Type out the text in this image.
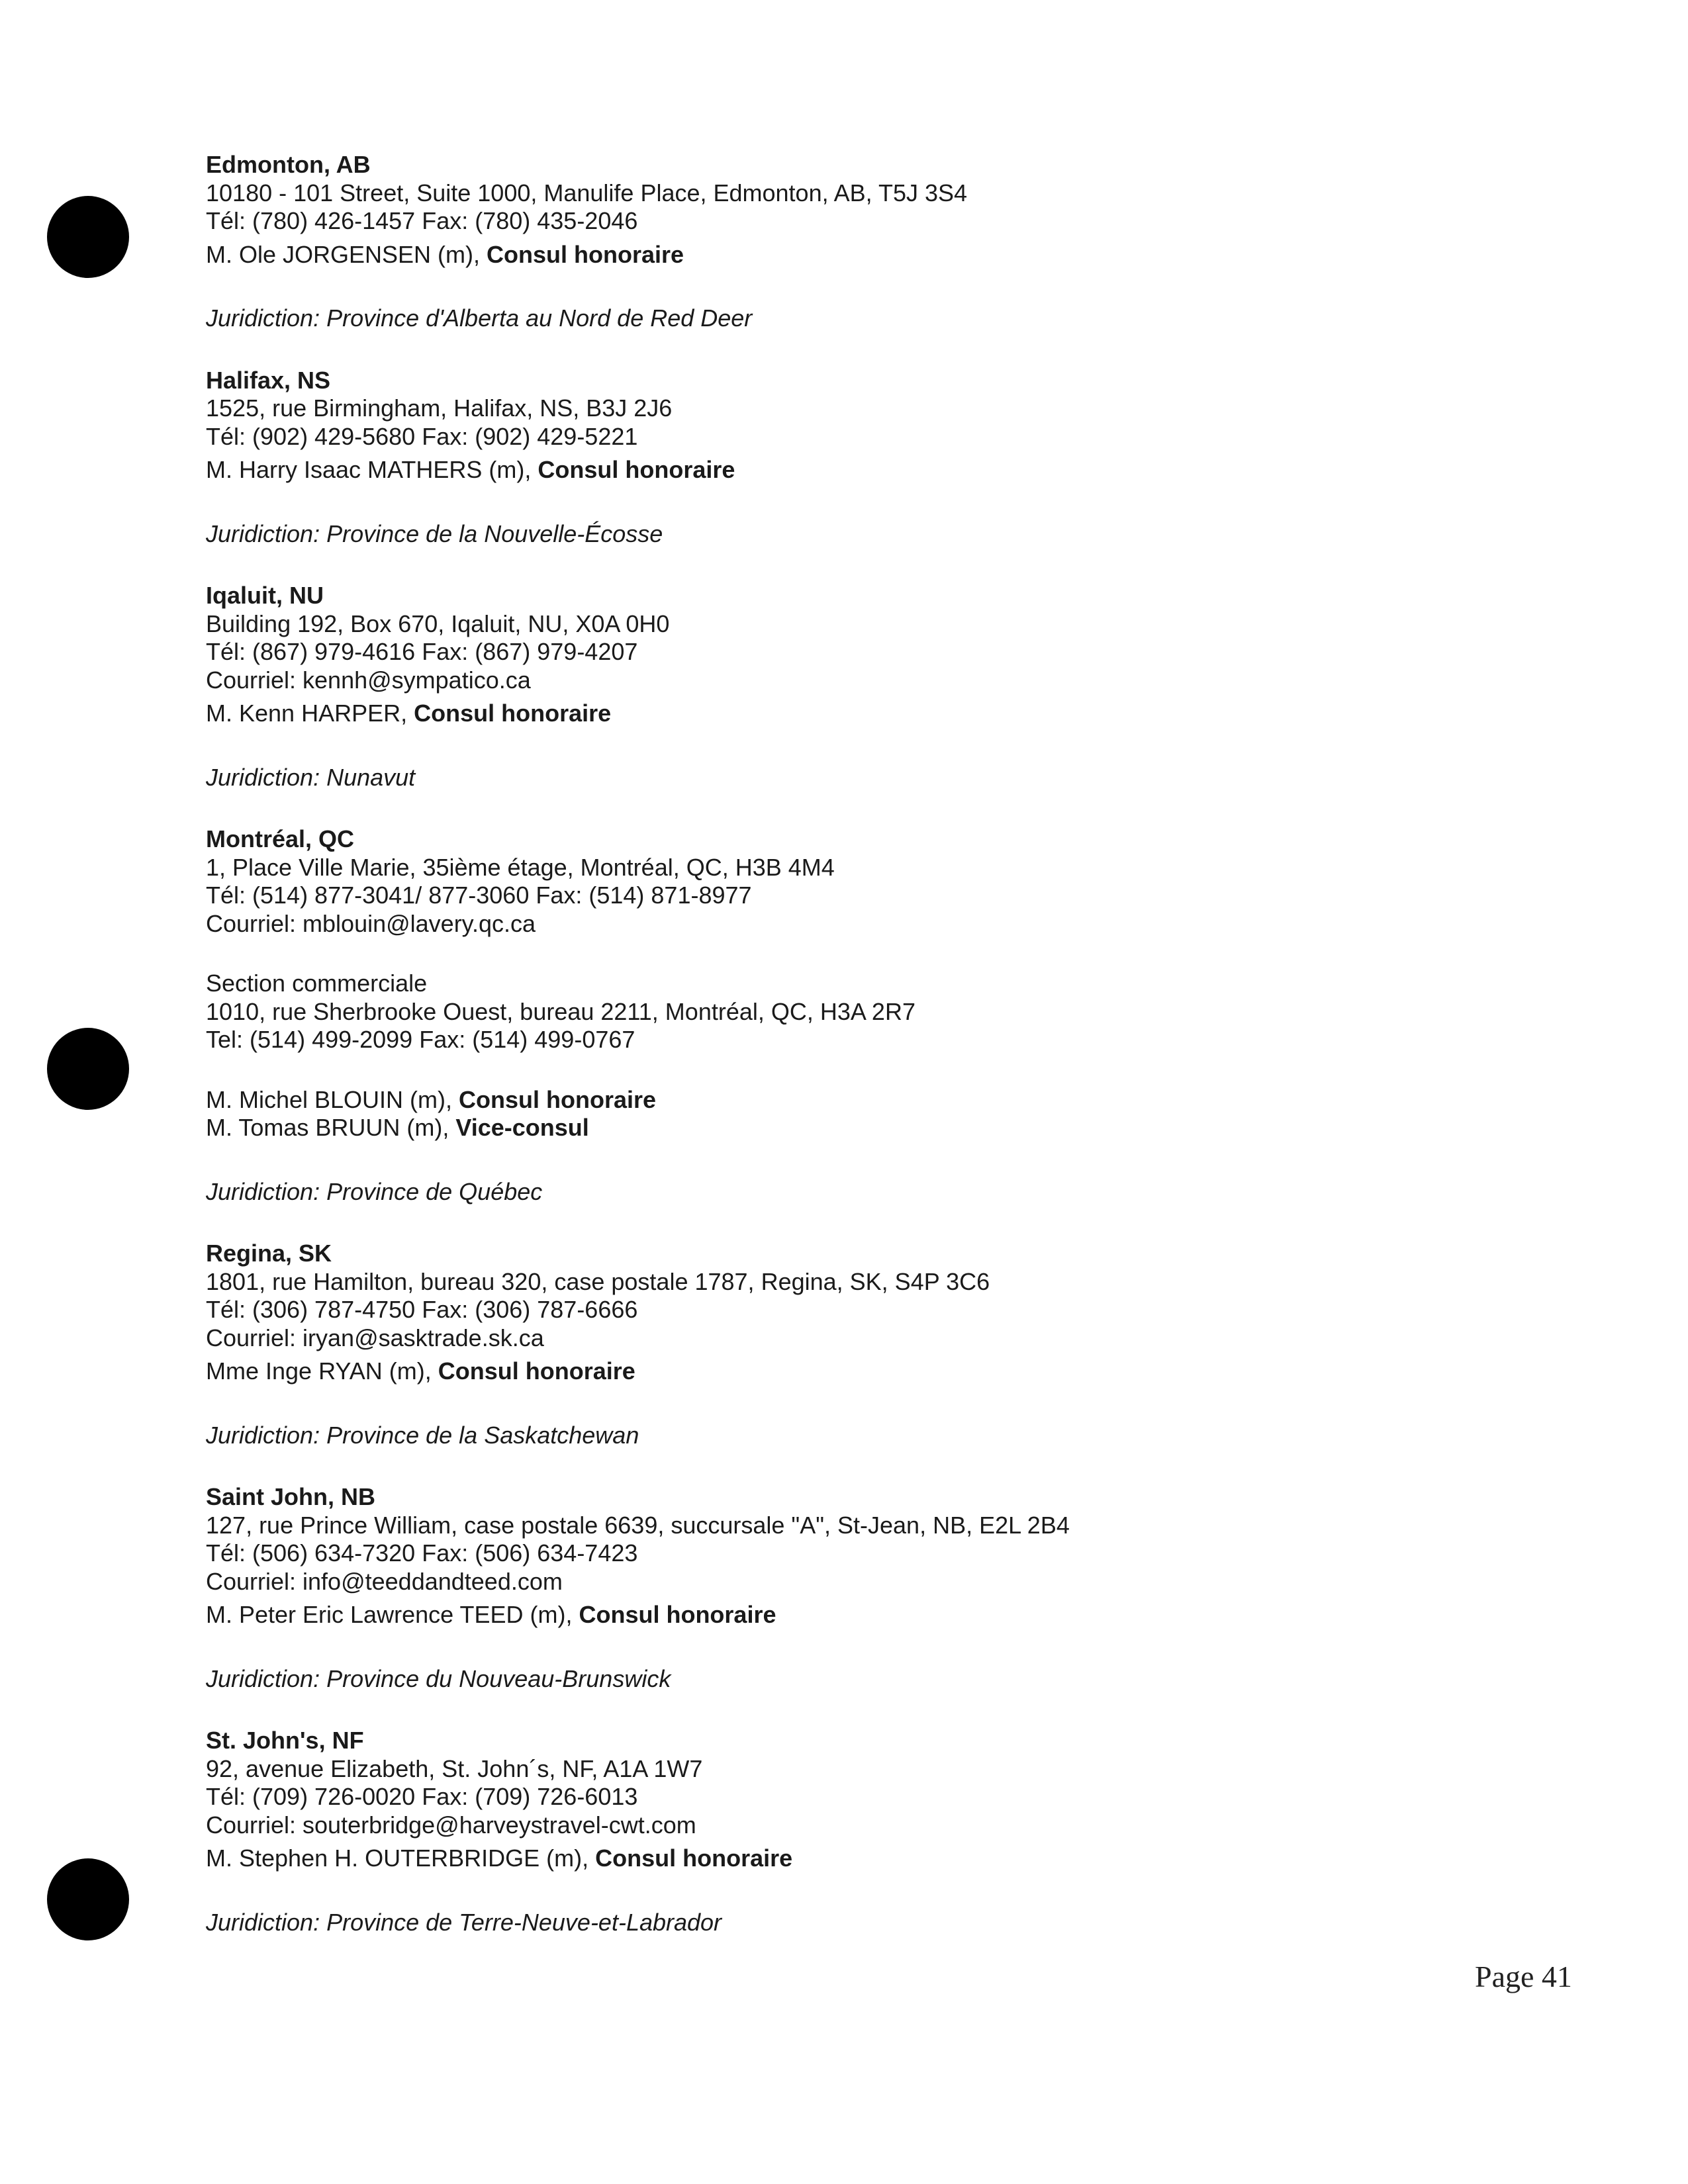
Edmonton, AB
10180 - 101 Street, Suite 1000, Manulife Place, Edmonton, AB, T5J 3S4
Tél: (780) 426-1457 Fax: (780) 435-2046
M. Ole JORGENSEN (m), Consul honoraire
Juridiction: Province d'Alberta au Nord de Red Deer
Halifax, NS
1525, rue Birmingham, Halifax, NS, B3J 2J6
Tél: (902) 429-5680 Fax: (902) 429-5221
M. Harry Isaac MATHERS (m), Consul honoraire
Juridiction: Province de la Nouvelle-Écosse
Iqaluit, NU
Building 192, Box 670, Iqaluit, NU, X0A 0H0
Tél: (867) 979-4616 Fax: (867) 979-4207
Courriel: kennh@sympatico.ca
M. Kenn HARPER, Consul honoraire
Juridiction: Nunavut
Montréal, QC
1, Place Ville Marie, 35ième étage, Montréal, QC, H3B 4M4
Tél: (514) 877-3041/ 877-3060 Fax: (514) 871-8977
Courriel: mblouin@lavery.qc.ca
Section commerciale
1010, rue Sherbrooke Ouest, bureau 2211, Montréal, QC, H3A 2R7
Tel: (514) 499-2099 Fax: (514) 499-0767
M. Michel BLOUIN (m), Consul honoraire
M. Tomas BRUUN (m), Vice-consul
Juridiction: Province de Québec
Regina, SK
1801, rue Hamilton, bureau 320, case postale 1787, Regina, SK, S4P 3C6
Tél: (306) 787-4750 Fax: (306) 787-6666
Courriel: iryan@sasktrade.sk.ca
Mme Inge RYAN (m), Consul honoraire
Juridiction: Province de la Saskatchewan
Saint John, NB
127, rue Prince William, case postale 6639, succursale "A", St-Jean, NB, E2L 2B4
Tél: (506) 634-7320 Fax: (506) 634-7423
Courriel: info@teeddandteed.com
M. Peter Eric Lawrence TEED (m), Consul honoraire
Juridiction: Province du Nouveau-Brunswick
St. John's, NF
92, avenue Elizabeth, St. John´s, NF, A1A 1W7
Tél: (709) 726-0020 Fax: (709) 726-6013
Courriel: souterbridge@harveystravel-cwt.com
M. Stephen H. OUTERBRIDGE (m), Consul honoraire
Juridiction: Province de Terre-Neuve-et-Labrador
Page 41
